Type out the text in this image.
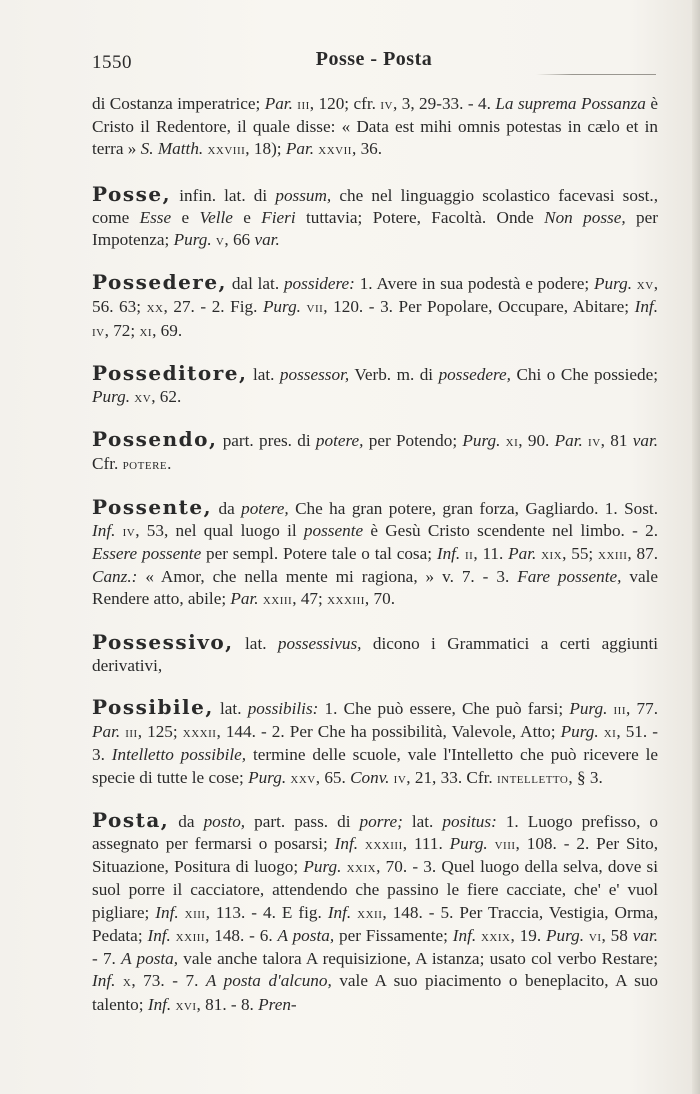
1550	Posse - Posta

di Costanza imperatrice; Par. iii, 120; cfr. iv, 3, 29-33. - 4. La suprema Possanza è Cristo il Redentore, il quale disse: « Data est mihi omnis potestas in cælo et in terra » S. Matth. xxviii, 18); Par. xxvii, 36.

Posse, infin. lat. di possum, che nel linguaggio scolastico facevasi sost., come Esse e Velle e Fieri tuttavia; Potere, Facoltà. Onde Non posse, per Impotenza; Purg. v, 66 var.

Possedere, dal lat. possidere: 1. Avere in sua podestà e podere; Purg. xv, 56. 63; xx, 27. - 2. Fig. Purg. vii, 120. - 3. Per Popolare, Occupare, Abitare; Inf. iv, 72; xi, 69.

Posseditore, lat. possessor, Verb. m. di possedere, Chi o Che possiede; Purg. xv, 62.

Possendo, part. pres. di potere, per Potendo; Purg. xi, 90. Par. iv, 81 var. Cfr. potere.

Possente, da potere, Che ha gran potere, gran forza, Gagliardo. 1. Sost. Inf. iv, 53, nel qual luogo il possente è Gesù Cristo scendente nel limbo. - 2. Essere possente per sempl. Potere tale o tal cosa; Inf. ii, 11. Par. xix, 55; xxiii, 87. Canz.: « Amor, che nella mente mi ragiona, » v. 7. - 3. Fare possente, vale Rendere atto, abile; Par. xxiii, 47; xxxiii, 70.

Possessivo, lat. possessivus, dicono i Grammatici a certi aggiunti derivativi,

Possibile, lat. possibilis: 1. Che può essere, Che può farsi; Purg. iii, 77. Par. iii, 125; xxxii, 144. - 2. Per Che ha possibilità, Valevole, Atto; Purg. xi, 51. - 3. Intelletto possibile, termine delle scuole, vale l'Intelletto che può ricevere le specie di tutte le cose; Purg. xxv, 65. Conv. iv, 21, 33. Cfr. intelletto, § 3.

Posta, da posto, part. pass. di porre; lat. positus: 1. Luogo prefisso, o assegnato per fermarsi o posarsi; Inf. xxxiii, 111. Purg. viii, 108. - 2. Per Sito, Situazione, Positura di luogo; Purg. xxix, 70. - 3. Quel luogo della selva, dove si suol porre il cacciatore, attendendo che passino le fiere cacciate, che' e' vuol pigliare; Inf. xiii, 113. - 4. E fig. Inf. xxii, 148. - 5. Per Traccia, Vestigia, Orma, Pedata; Inf. xxiii, 148. - 6. A posta, per Fissamente; Inf. xxix, 19. Purg. vi, 58 var. - 7. A posta, vale anche talora A requisizione, A istanza; usato col verbo Restare; Inf. x, 73. - 7. A posta d'alcuno, vale A suo piacimento o beneplacito, A suo talento; Inf. xvi, 81. - 8. Pren-
